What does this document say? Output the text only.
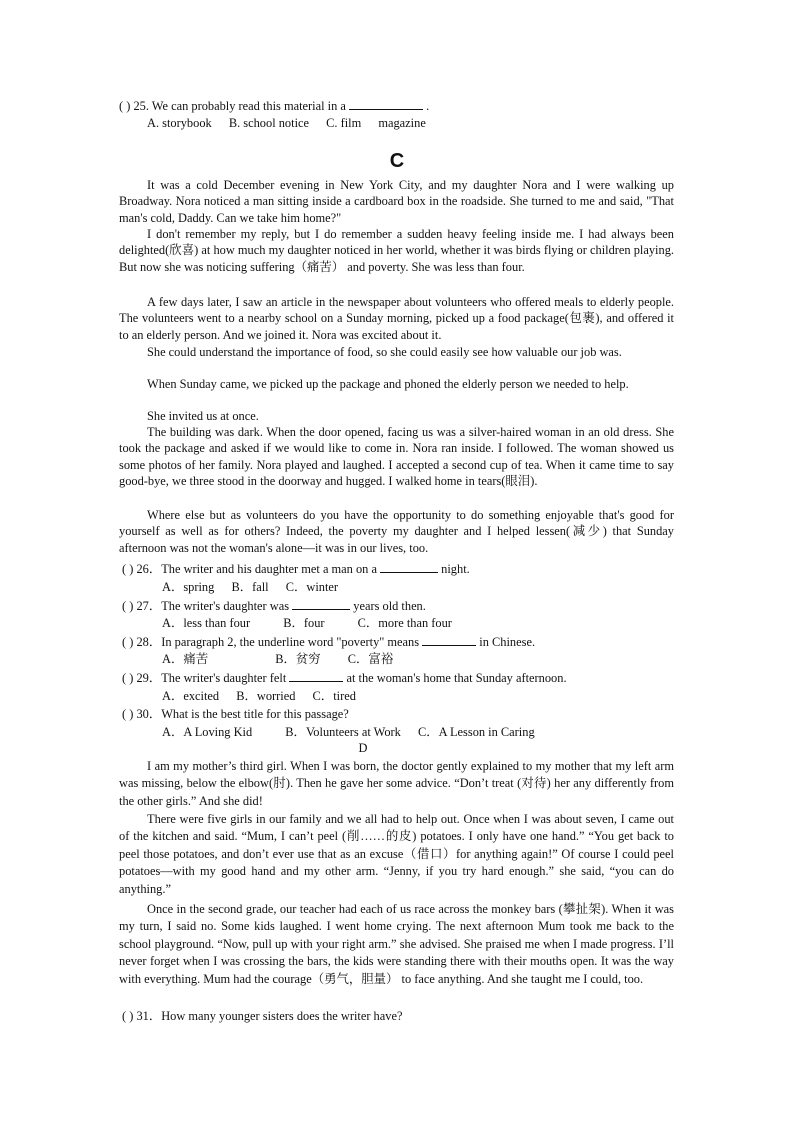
( ) 25. We can probably read this material in a	.
A. storybook B. school notice C. film magazine
C
It was a cold December evening in New York City, and my daughter Nora and I were walking up Broadway. Nora noticed a man sitting inside a cardboard box in the roadside. She turned to me and said, "That man's cold, Daddy. Can we take him home?"
I don't remember my reply, but I do remember a sudden heavy feeling inside me. I had always been delighted(欣喜) at how much my daughter noticed in her world, whether it was birds flying or children playing. But now she was noticing suffering（痛苦） and poverty. She was less than four.
A few days later, I saw an article in the newspaper about volunteers who offered meals to elderly people. The volunteers went to a nearby school on a Sunday morning, picked up a food package(包裹), and offered it to an elderly person. And we joined it. Nora was excited about it.
She could understand the importance of food, so she could easily see how valuable our job was.
When Sunday came, we picked up the package and phoned the elderly person we needed to help.
She invited us at once.
The building was dark. When the door opened, facing us was a silver-haired woman in an old dress. She took the package and asked if we would like to come in. Nora ran inside. I followed. The woman showed us some photos of her family. Nora played and laughed. I accepted a second cup of tea. When it came time to say good-bye, we three stood in the doorway and hugged. I walked home in tears(眼泪).
Where else but as volunteers do you have the opportunity to do something enjoyable that's good for yourself as well as for others? Indeed, the poverty my daughter and I helped lessen(减少) that Sunday afternoon was not the woman's alone—it was in our lives, too.
( ) 26．The writer and his daughter met a man on a	night.
A．spring B．fall C．winter
( ) 27．The writer's daughter was	years old then.
A．less than four	B．four	C．more than four
( ) 28．In paragraph 2, the underline word "poverty" means	in Chinese.
A．痛苦	B．贫穷 C．富裕
( ) 29．The writer's daughter felt	at the woman's home that Sunday afternoon.
A．excited B．worried C．tired
( ) 30．What is the best title for this passage?
A．A Loving Kid	B．Volunteers at Work C．A Lesson in Caring
D
I am my mother’s third girl. When I was born, the doctor gently explained to my mother that my left arm was missing, below the elbow(肘). Then he gave her some advice. “Don’t treat (对待) her any differently from the other girls.” And she did!
There were five girls in our family and we all had to help out. Once when I was about seven, I came out of the kitchen and said. “Mum, I can’t peel (削……的皮) potatoes. I only have one hand.” “You get back to peel those potatoes, and don’t ever use that as an excuse（借口）for anything again!” Of course I could peel potatoes—with my good hand and my other arm. “Jenny, if you try hard enough.” she said, “you can do anything.”
Once in the second grade, our teacher had each of us race across the monkey bars (攀扯架). When it was my turn, I said no. Some kids laughed. I went home crying. The next afternoon Mum took me back to the school playground. “Now, pull up with your right arm.” she advised. She praised me when I made progress. I’ll never forget when I was crossing the bars, the kids were standing there with their mouths open. It was the way with everything. Mum had the courage（勇气，胆量） to face anything. And she taught me I could, too.
( ) 31．How many younger sisters does the writer have?
